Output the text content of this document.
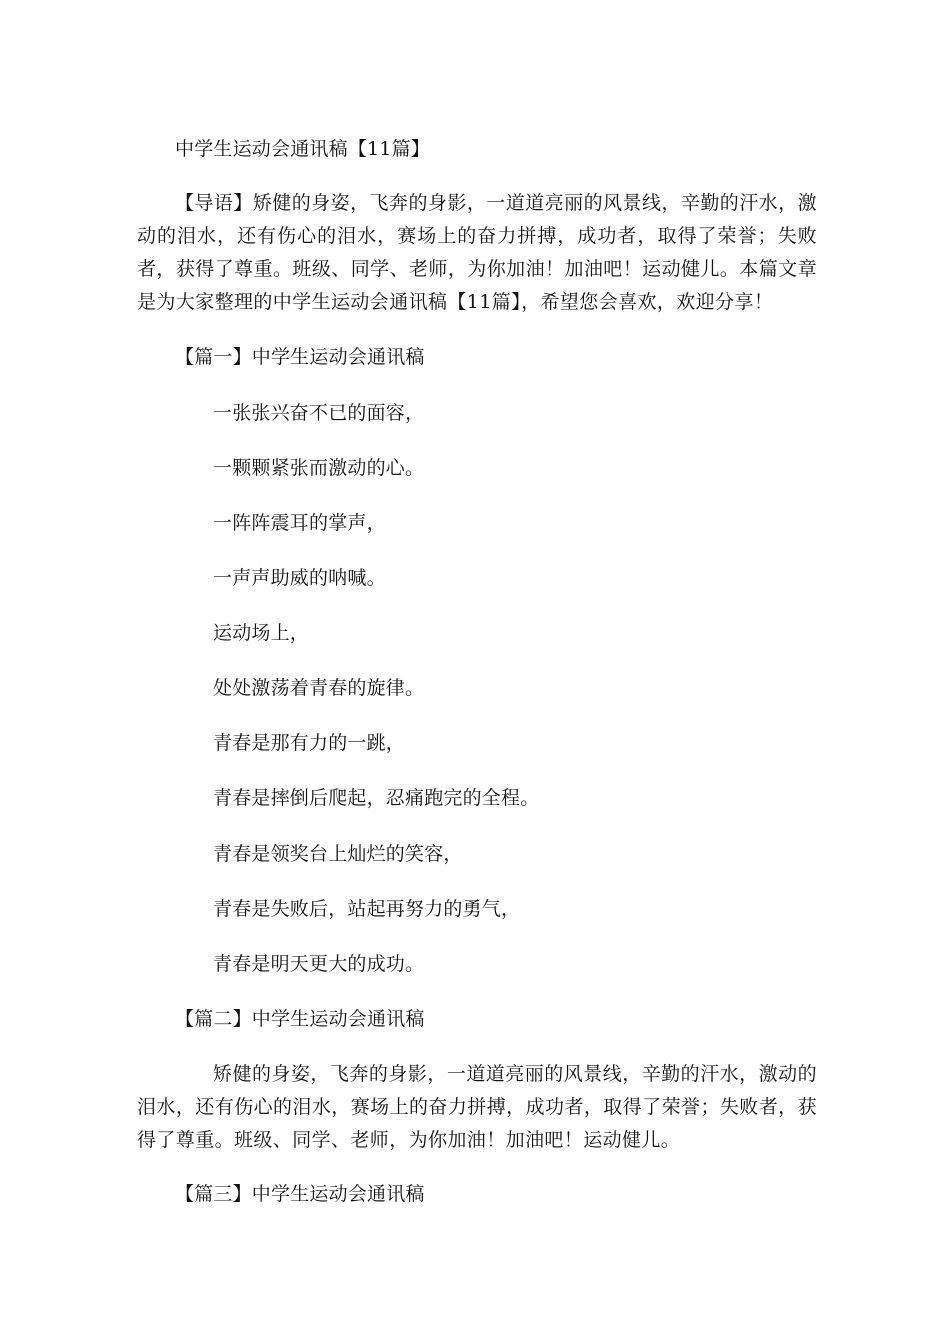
中学生运动会通讯稿【11篇】
【导语】矫健的身姿，飞奔的身影，一道道亮丽的风景线，辛勤的汗水，激动的泪水，还有伤心的泪水，赛场上的奋力拼搏，成功者，取得了荣誉；失败者，获得了尊重。班级、同学、老师，为你加油！加油吧！运动健儿。本篇文章是为大家整理的中学生运动会通讯稿【11篇】，希望您会喜欢，欢迎分享！
【篇一】中学生运动会通讯稿
一张张兴奋不已的面容，
一颗颗紧张而激动的心。
一阵阵震耳的掌声，
一声声助威的呐喊。
运动场上，
处处激荡着青春的旋律。
青春是那有力的一跳，
青春是摔倒后爬起，忍痛跑完的全程。
青春是领奖台上灿烂的笑容，
青春是失败后，站起再努力的勇气，
青春是明天更大的成功。
【篇二】中学生运动会通讯稿
矫健的身姿，飞奔的身影，一道道亮丽的风景线，辛勤的汗水，激动的泪水，还有伤心的泪水，赛场上的奋力拼搏，成功者，取得了荣誉；失败者，获得了尊重。班级、同学、老师，为你加油！加油吧！运动健儿。
【篇三】中学生运动会通讯稿
